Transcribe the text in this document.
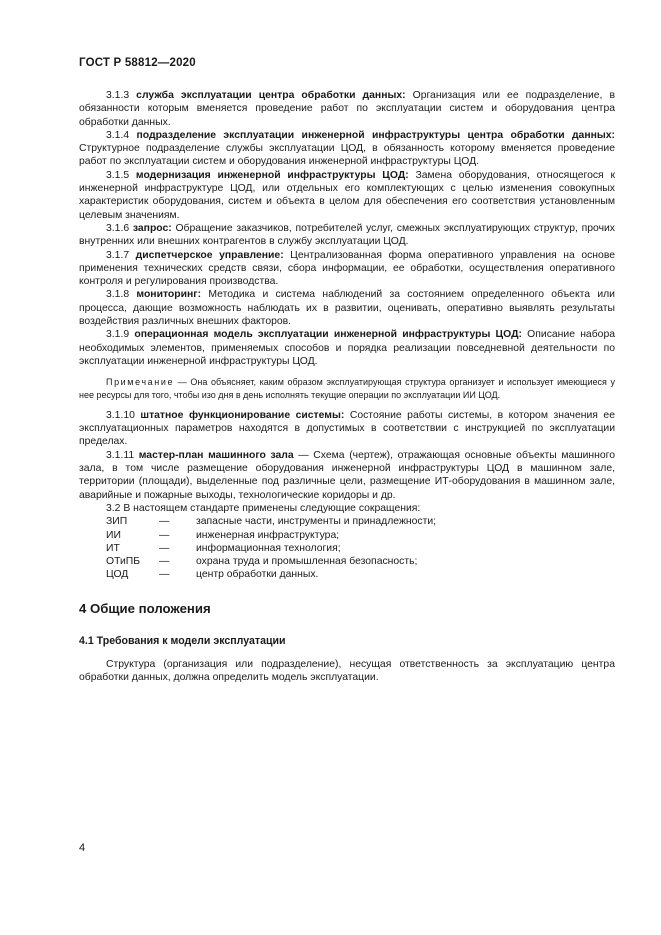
ГОСТ Р 58812—2020

3.1.3 служба эксплуатации центра обработки данных: Организация или ее подразделение, в обязанности которым вменяется проведение работ по эксплуатации систем и оборудования центра обработки данных.

3.1.4 подразделение эксплуатации инженерной инфраструктуры центра обработки данных: Структурное подразделение службы эксплуатации ЦОД, в обязанность которому вменяется проведение работ по эксплуатации систем и оборудования инженерной инфраструктуры ЦОД.

3.1.5 модернизация инженерной инфраструктуры ЦОД: Замена оборудования, относящегося к инженерной инфраструктуре ЦОД, или отдельных его комплектующих с целью изменения совокупных характеристик оборудования, систем и объекта в целом для обеспечения его соответствия установленным целевым значениям.

3.1.6 запрос: Обращение заказчиков, потребителей услуг, смежных эксплуатирующих структур, прочих внутренних или внешних контрагентов в службу эксплуатации ЦОД.

3.1.7 диспетчерское управление: Централизованная форма оперативного управления на основе применения технических средств связи, сбора информации, ее обработки, осуществления оперативного контроля и регулирования производства.

3.1.8 мониторинг: Методика и система наблюдений за состоянием определенного объекта или процесса, дающие возможность наблюдать их в развитии, оценивать, оперативно выявлять результаты воздействия различных внешних факторов.

3.1.9 операционная модель эксплуатации инженерной инфраструктуры ЦОД: Описание набора необходимых элементов, применяемых способов и порядка реализации повседневной деятельности по эксплуатации инженерной инфраструктуры ЦОД.

Примечание — Она объясняет, каким образом эксплуатирующая структура организует и использует имеющиеся у нее ресурсы для того, чтобы изо дня в день исполнять текущие операции по эксплуатации ИИ ЦОД.

3.1.10 штатное функционирование системы: Состояние работы системы, в котором значения ее эксплуатационных параметров находятся в допустимых в соответствии с инструкцией по эксплуатации пределах.

3.1.11 мастер-план машинного зала — Схема (чертеж), отражающая основные объекты машинного зала, в том числе размещение оборудования инженерной инфраструктуры ЦОД в машинном зале, территории (площади), выделенные под различные цели, размещение ИТ-оборудования в машинном зале, аварийные и пожарные выходы, технологические коридоры и др.

3.2 В настоящем стандарте применены следующие сокращения:

ЗИП	—	запасные части, инструменты и принадлежности;
ИИ	—	инженерная инфраструктура;
ИТ	—	информационная технология;
ОТиПБ	—	охрана труда и промышленная безопасность;
ЦОД	—	центр обработки данных.
4 Общие положения
4.1 Требования к модели эксплуатации

Структура (организация или подразделение), несущая ответственность за эксплуатацию центра обработки данных, должна определить модель эксплуатации.

4
